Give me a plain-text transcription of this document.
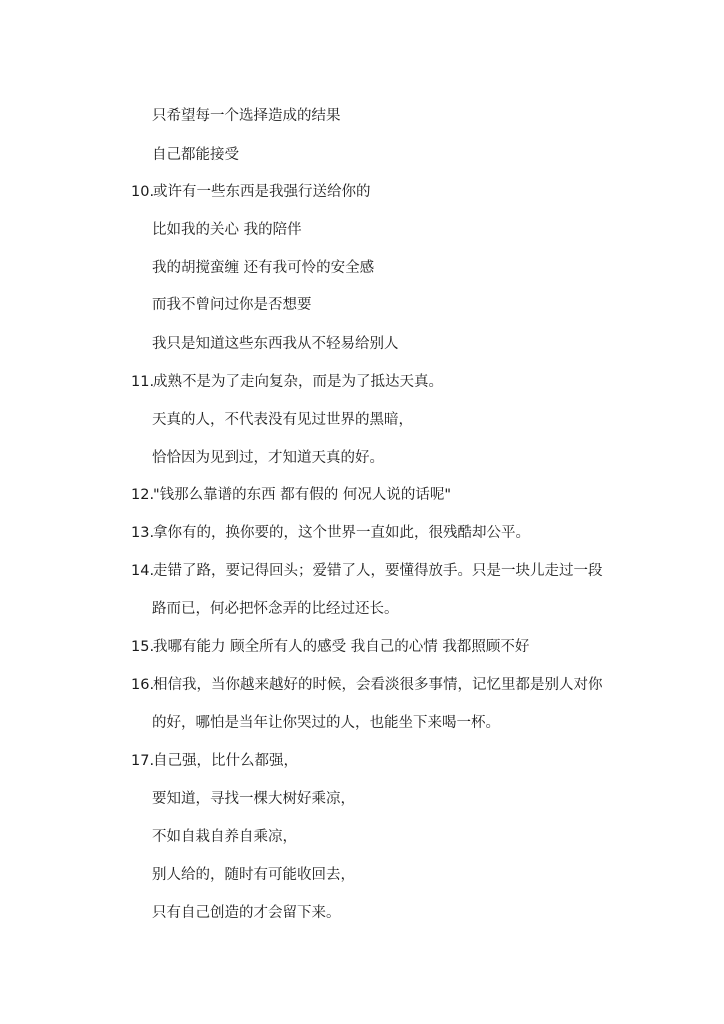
只希望每一个选择造成的结果
自己都能接受
10.或许有一些东西是我强行送给你的
比如我的关心 我的陪伴
我的胡搅蛮缠 还有我可怜的安全感
而我不曾问过你是否想要
我只是知道这些东西我从不轻易给别人
11.成熟不是为了走向复杂，而是为了抵达天真。
天真的人，不代表没有见过世界的黑暗，
恰恰因为见到过，才知道天真的好。
12."钱那么靠谱的东西 都有假的 何况人说的话呢"
13.拿你有的，换你要的，这个世界一直如此，很残酷却公平。
14.走错了路，要记得回头；爱错了人，要懂得放手。只是一块儿走过一段
路而已，何必把怀念弄的比经过还长。
15.我哪有能力 顾全所有人的感受 我自己的心情 我都照顾不好
16.相信我，当你越来越好的时候，会看淡很多事情，记忆里都是别人对你
的好，哪怕是当年让你哭过的人，也能坐下来喝一杯。
17.自己强，比什么都强，
要知道，寻找一棵大树好乘凉，
不如自栽自养自乘凉，
别人给的，随时有可能收回去，
只有自己创造的才会留下来。
